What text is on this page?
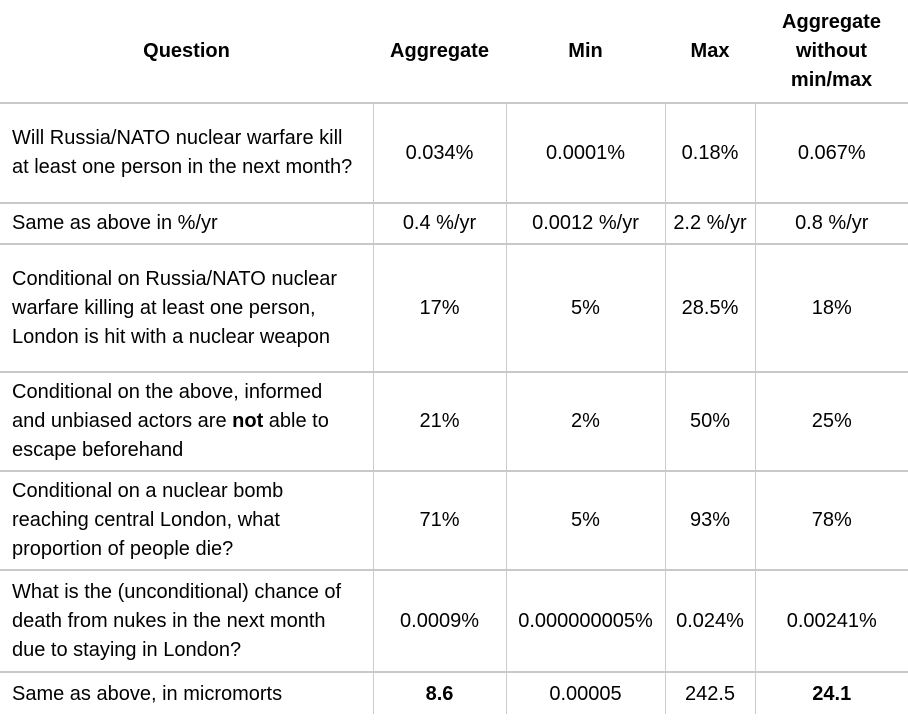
Question	Aggregate	Min	Max	Aggregate without min/max
Will Russia/NATO nuclear warfare kill at least one person in the next month?	0.034%	0.0001%	0.18%	0.067%
Same as above in %/yr	0.4 %/yr	0.0012 %/yr	2.2 %/yr	0.8 %/yr
Conditional on Russia/NATO nuclear warfare killing at least one person, London is hit with a nuclear weapon	17%	5%	28.5%	18%
Conditional on the above, informed and unbiased actors are not able to escape beforehand	21%	2%	50%	25%
Conditional on a nuclear bomb reaching central London, what proportion of people die?	71%	5%	93%	78%
What is the (unconditional) chance of death from nukes in the next month due to staying in London?	0.0009%	0.000000005%	0.024%	0.00241%
Same as above, in micromorts	8.6	0.00005	242.5	24.1
